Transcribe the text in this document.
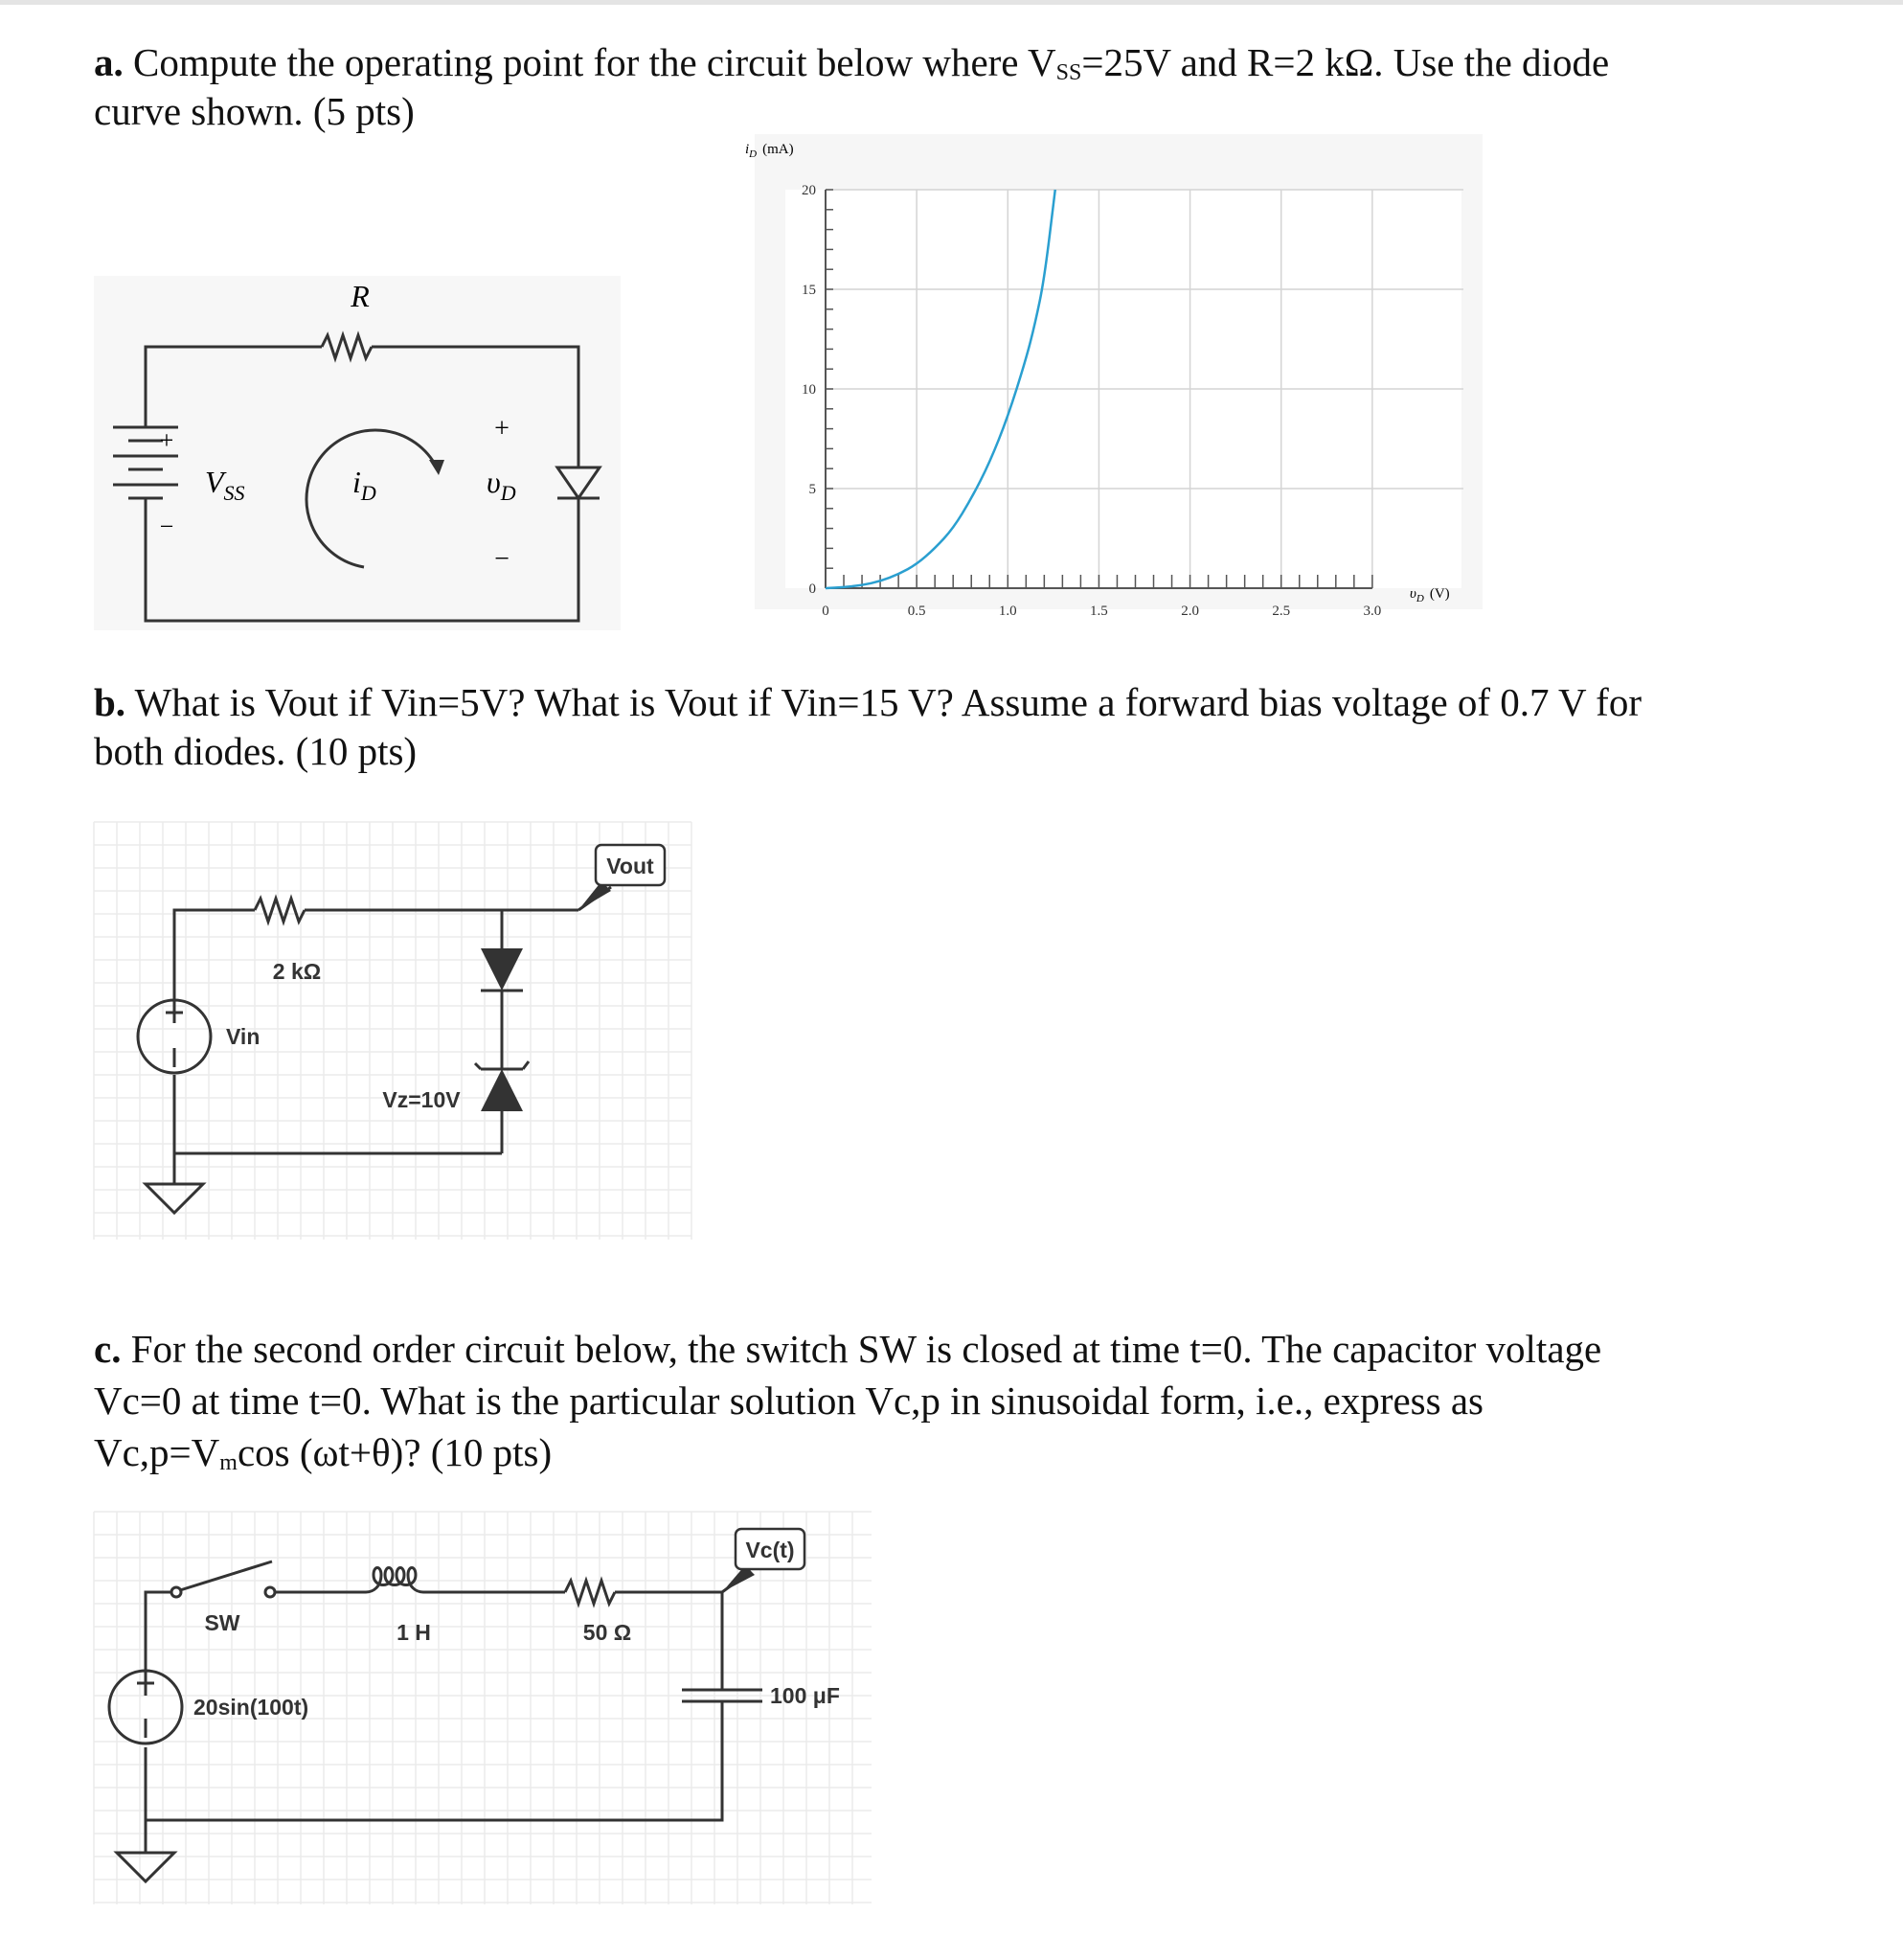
a. Compute the operating point for the circuit below where $V_{SS}=25V$ and R=2 kΩ. Use the diode
curve shown. (5 pts)
R
+
−
$V_{SS}$	$i_D$	$\upsilon_D$
+
−
0
5
10
15
20
0	0.5	1.0	1.5	2.0	2.5	3.0
$i_D$ (mA)
$\upsilon_D$ (V)
b. What is Vout if Vin=5V? What is Vout if Vin=15 V? Assume a forward bias voltage of 0.7 V for
both diodes. (10 pts)
Vout
2 kΩ
Vin
Vz=10V
c. For the second order circuit below, the switch SW is closed at time t=0. The capacitor voltage
Vc=0 at time t=0. What is the particular solution Vc,p in sinusoidal form, i.e., express as
$Vc,p=V_m\cos$ (ωt+θ)? (10 pts)
Vc(t)
SW	1 H	50 Ω
20sin(100t)	100 μF
